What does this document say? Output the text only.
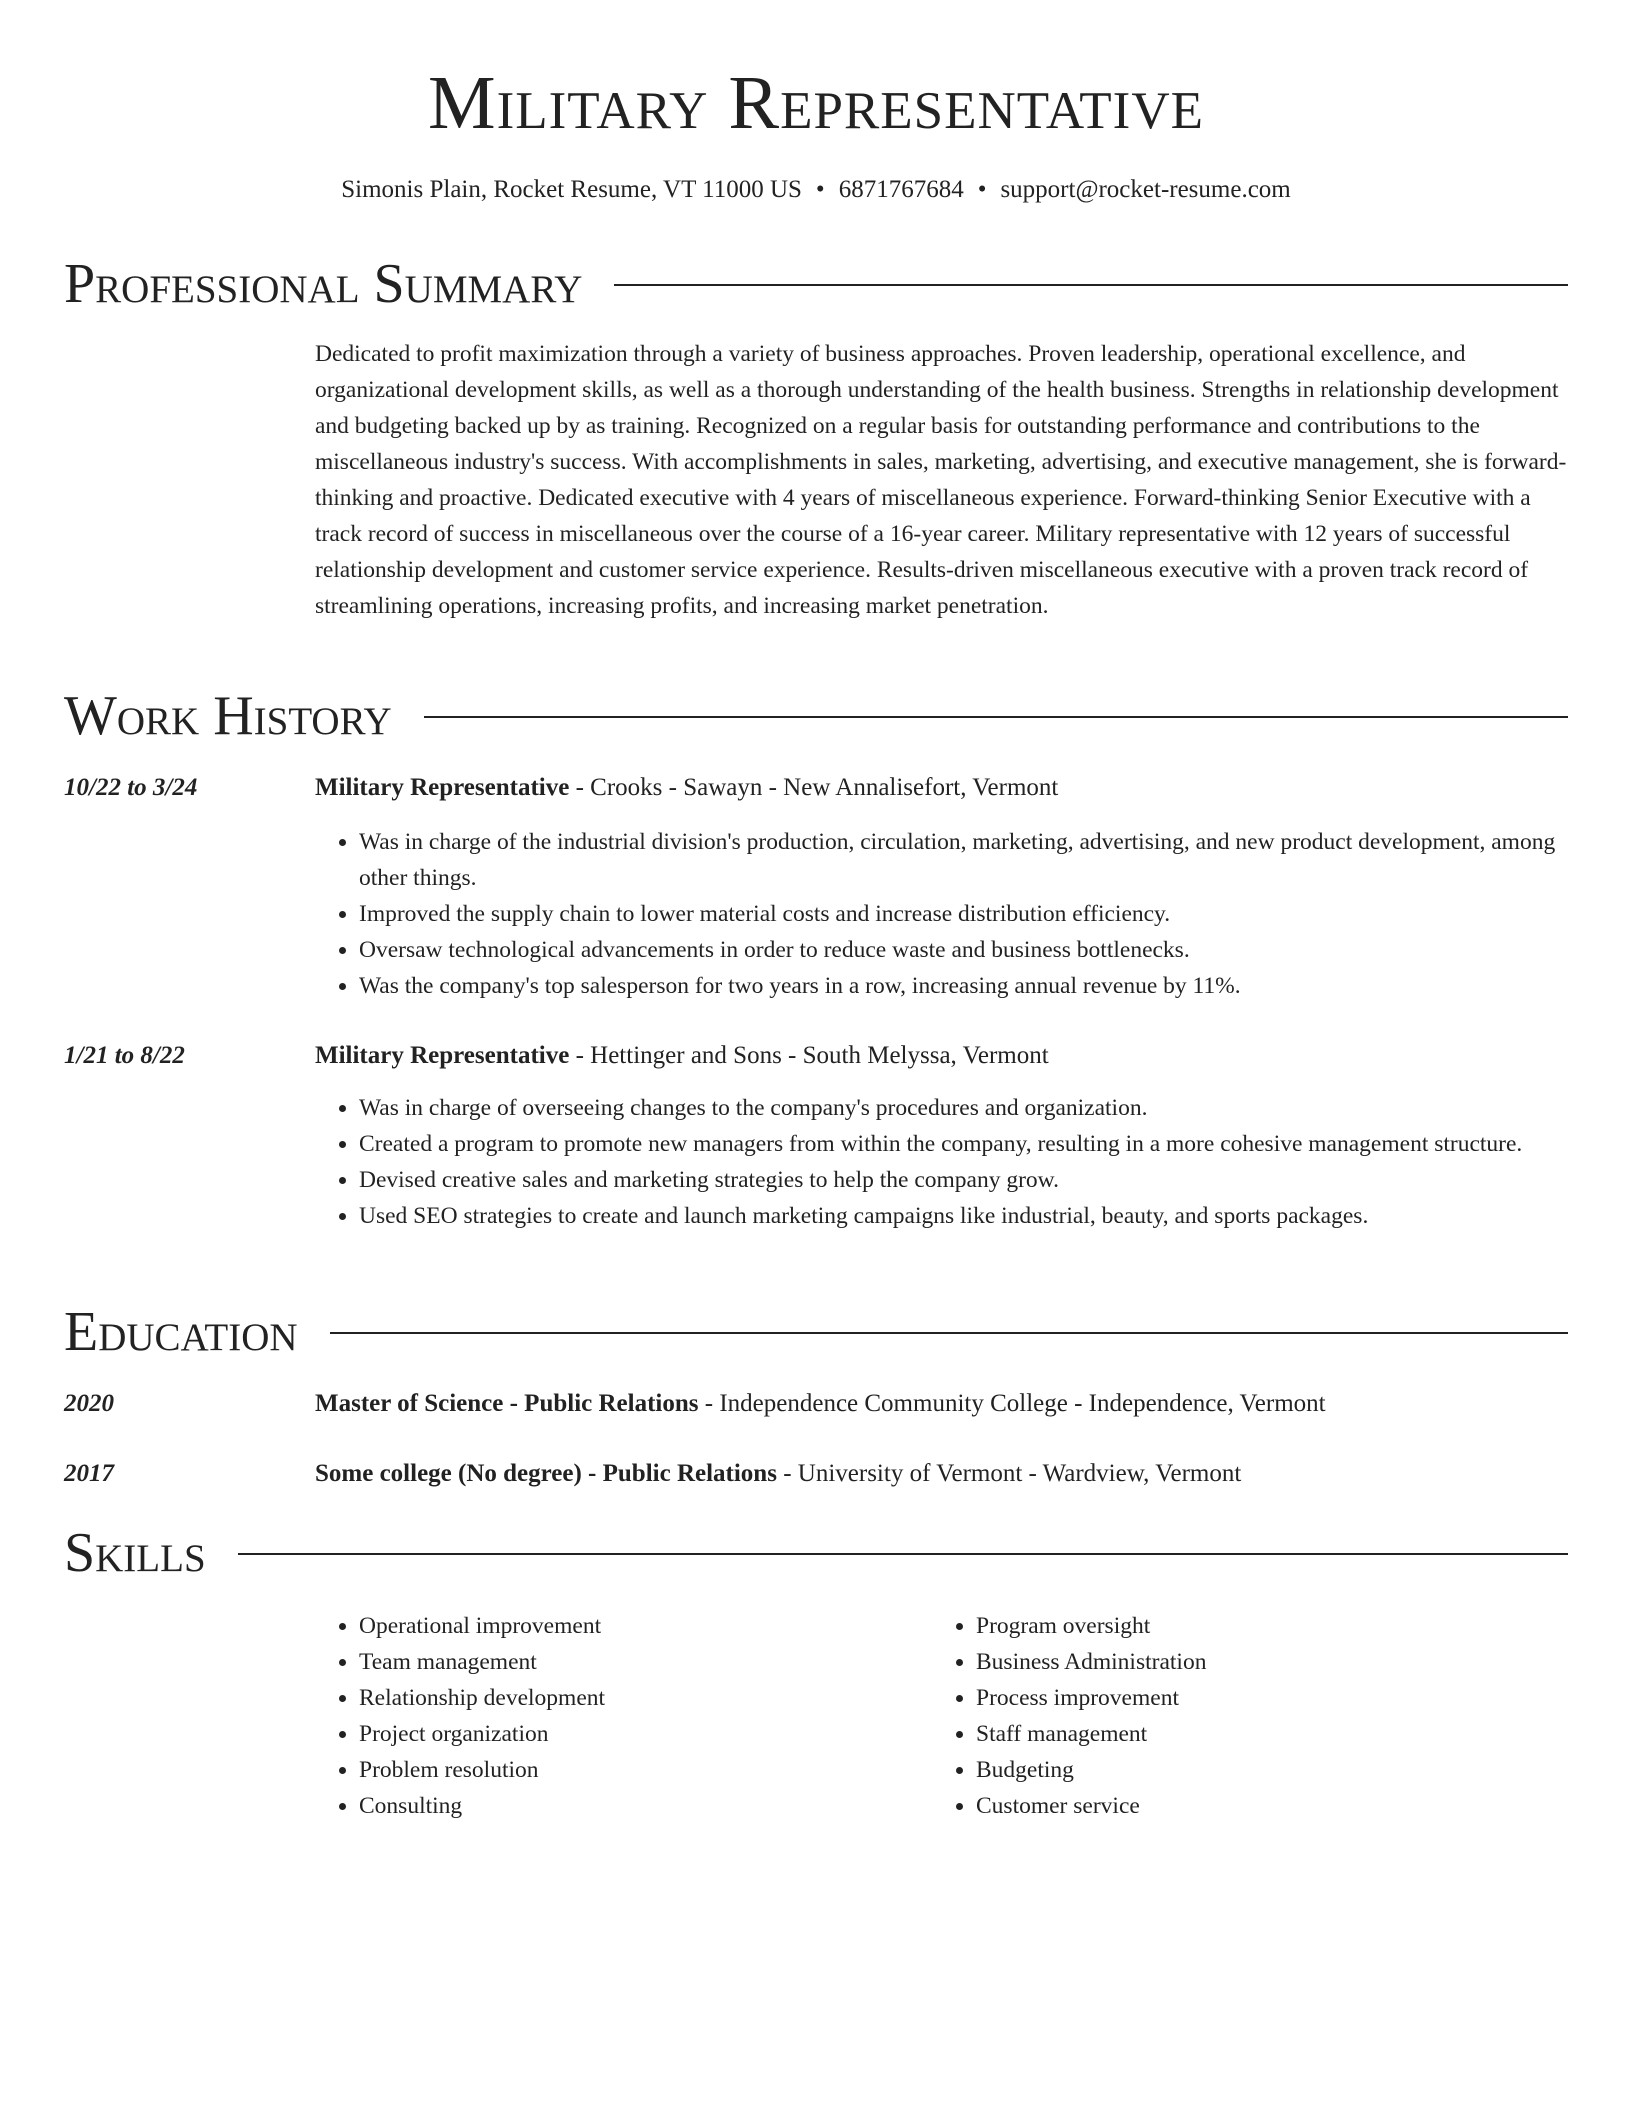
Military Representative
Simonis Plain, Rocket Resume, VT 11000 US • 6871767684 • support@rocket-resume.com
Professional Summary

Dedicated to profit maximization through a variety of business approaches. Proven leadership, operational excellence, and organizational development skills, as well as a thorough understanding of the health business. Strengths in relationship development and budgeting backed up by as training. Recognized on a regular basis for outstanding performance and contributions to the miscellaneous industry's success. With accomplishments in sales, marketing, advertising, and executive management, she is forward-thinking and proactive. Dedicated executive with 4 years of miscellaneous experience. Forward-thinking Senior Executive with a track record of success in miscellaneous over the course of a 16-year career. Military representative with 12 years of successful relationship development and customer service experience. Results-driven miscellaneous executive with a proven track record of streamlining operations, increasing profits, and increasing market penetration.

Work History
10/22 to 3/24	Military Representative - Crooks - Sawayn - New Annalisefort, Vermont
• Was in charge of the industrial division's production, circulation, marketing, advertising, and new product development, among other things.
• Improved the supply chain to lower material costs and increase distribution efficiency.
• Oversaw technological advancements in order to reduce waste and business bottlenecks.
• Was the company's top salesperson for two years in a row, increasing annual revenue by 11%.
1/21 to 8/22	Military Representative - Hettinger and Sons - South Melyssa, Vermont
• Was in charge of overseeing changes to the company's procedures and organization.
• Created a program to promote new managers from within the company, resulting in a more cohesive management structure.
• Devised creative sales and marketing strategies to help the company grow.
• Used SEO strategies to create and launch marketing campaigns like industrial, beauty, and sports packages.
Education
2020	Master of Science - Public Relations - Independence Community College - Independence, Vermont
2017	Some college (No degree) - Public Relations - University of Vermont - Wardview, Vermont
Skills
• Operational improvement
• Team management
• Relationship development
• Project organization
• Problem resolution
• Consulting
• Program oversight
• Business Administration
• Process improvement
• Staff management
• Budgeting
• Customer service
